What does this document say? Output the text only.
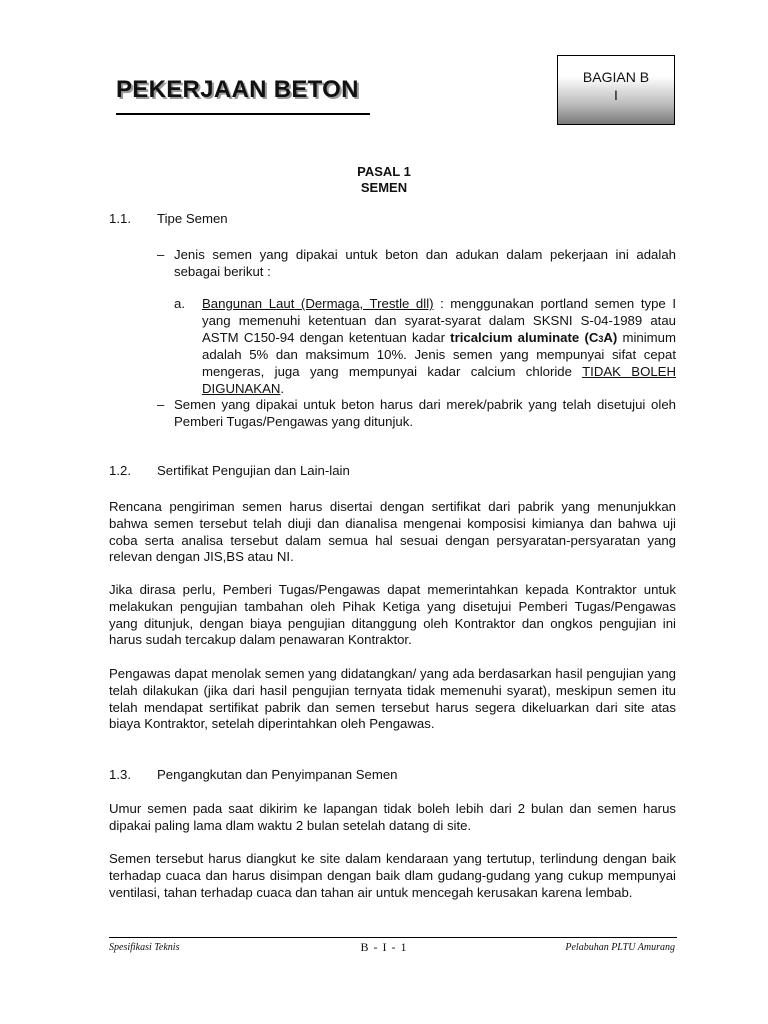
PEKERJAAN BETON	BAGIAN B
I
PASAL 1
SEMEN
1.1. Tipe Semen
– Jenis semen yang dipakai untuk beton dan adukan dalam pekerjaan ini adalah sebagai berikut :
a. Bangunan Laut (Dermaga, Trestle dll) : menggunakan portland semen type I yang memenuhi ketentuan dan syarat-syarat dalam SKSNI S-04-1989 atau ASTM C150-94 dengan ketentuan kadar tricalcium aluminate (C3A) minimum adalah 5% dan maksimum 10%. Jenis semen yang mempunyai sifat cepat mengeras, juga yang mempunyai kadar calcium chloride TIDAK BOLEH DIGUNAKAN.
– Semen yang dipakai untuk beton harus dari merek/pabrik yang telah disetujui oleh Pemberi Tugas/Pengawas yang ditunjuk.
1.2. Sertifikat Pengujian dan Lain-lain
Rencana pengiriman semen harus disertai dengan sertifikat dari pabrik yang menunjukkan bahwa semen tersebut telah diuji dan dianalisa mengenai komposisi kimianya dan bahwa uji coba serta analisa tersebut dalam semua hal sesuai dengan persyaratan-persyaratan yang relevan dengan JIS,BS atau NI.
Jika dirasa perlu, Pemberi Tugas/Pengawas dapat memerintahkan kepada Kontraktor untuk melakukan pengujian tambahan oleh Pihak Ketiga yang disetujui Pemberi Tugas/Pengawas yang ditunjuk, dengan biaya pengujian ditanggung oleh Kontraktor dan ongkos pengujian ini harus sudah tercakup dalam penawaran Kontraktor.
Pengawas dapat menolak semen yang didatangkan/ yang ada berdasarkan hasil pengujian yang telah dilakukan (jika dari hasil pengujian ternyata tidak memenuhi syarat), meskipun semen itu telah mendapat sertifikat pabrik dan semen tersebut harus segera dikeluarkan dari site atas biaya Kontraktor, setelah diperintahkan oleh Pengawas.
1.3. Pengangkutan dan Penyimpanan Semen
Umur semen pada saat dikirim ke lapangan tidak boleh lebih dari 2 bulan dan semen harus dipakai paling lama dlam waktu 2 bulan setelah datang di site.
Semen tersebut harus diangkut ke site dalam kendaraan yang tertutup, terlindung dengan baik terhadap cuaca dan harus disimpan dengan baik dlam gudang-gudang yang cukup mempunyai ventilasi, tahan terhadap cuaca dan tahan air untuk mencegah kerusakan karena lembab.
Spesifikasi Teknis	B - I - 1	Pelabuhan PLTU Amurang
